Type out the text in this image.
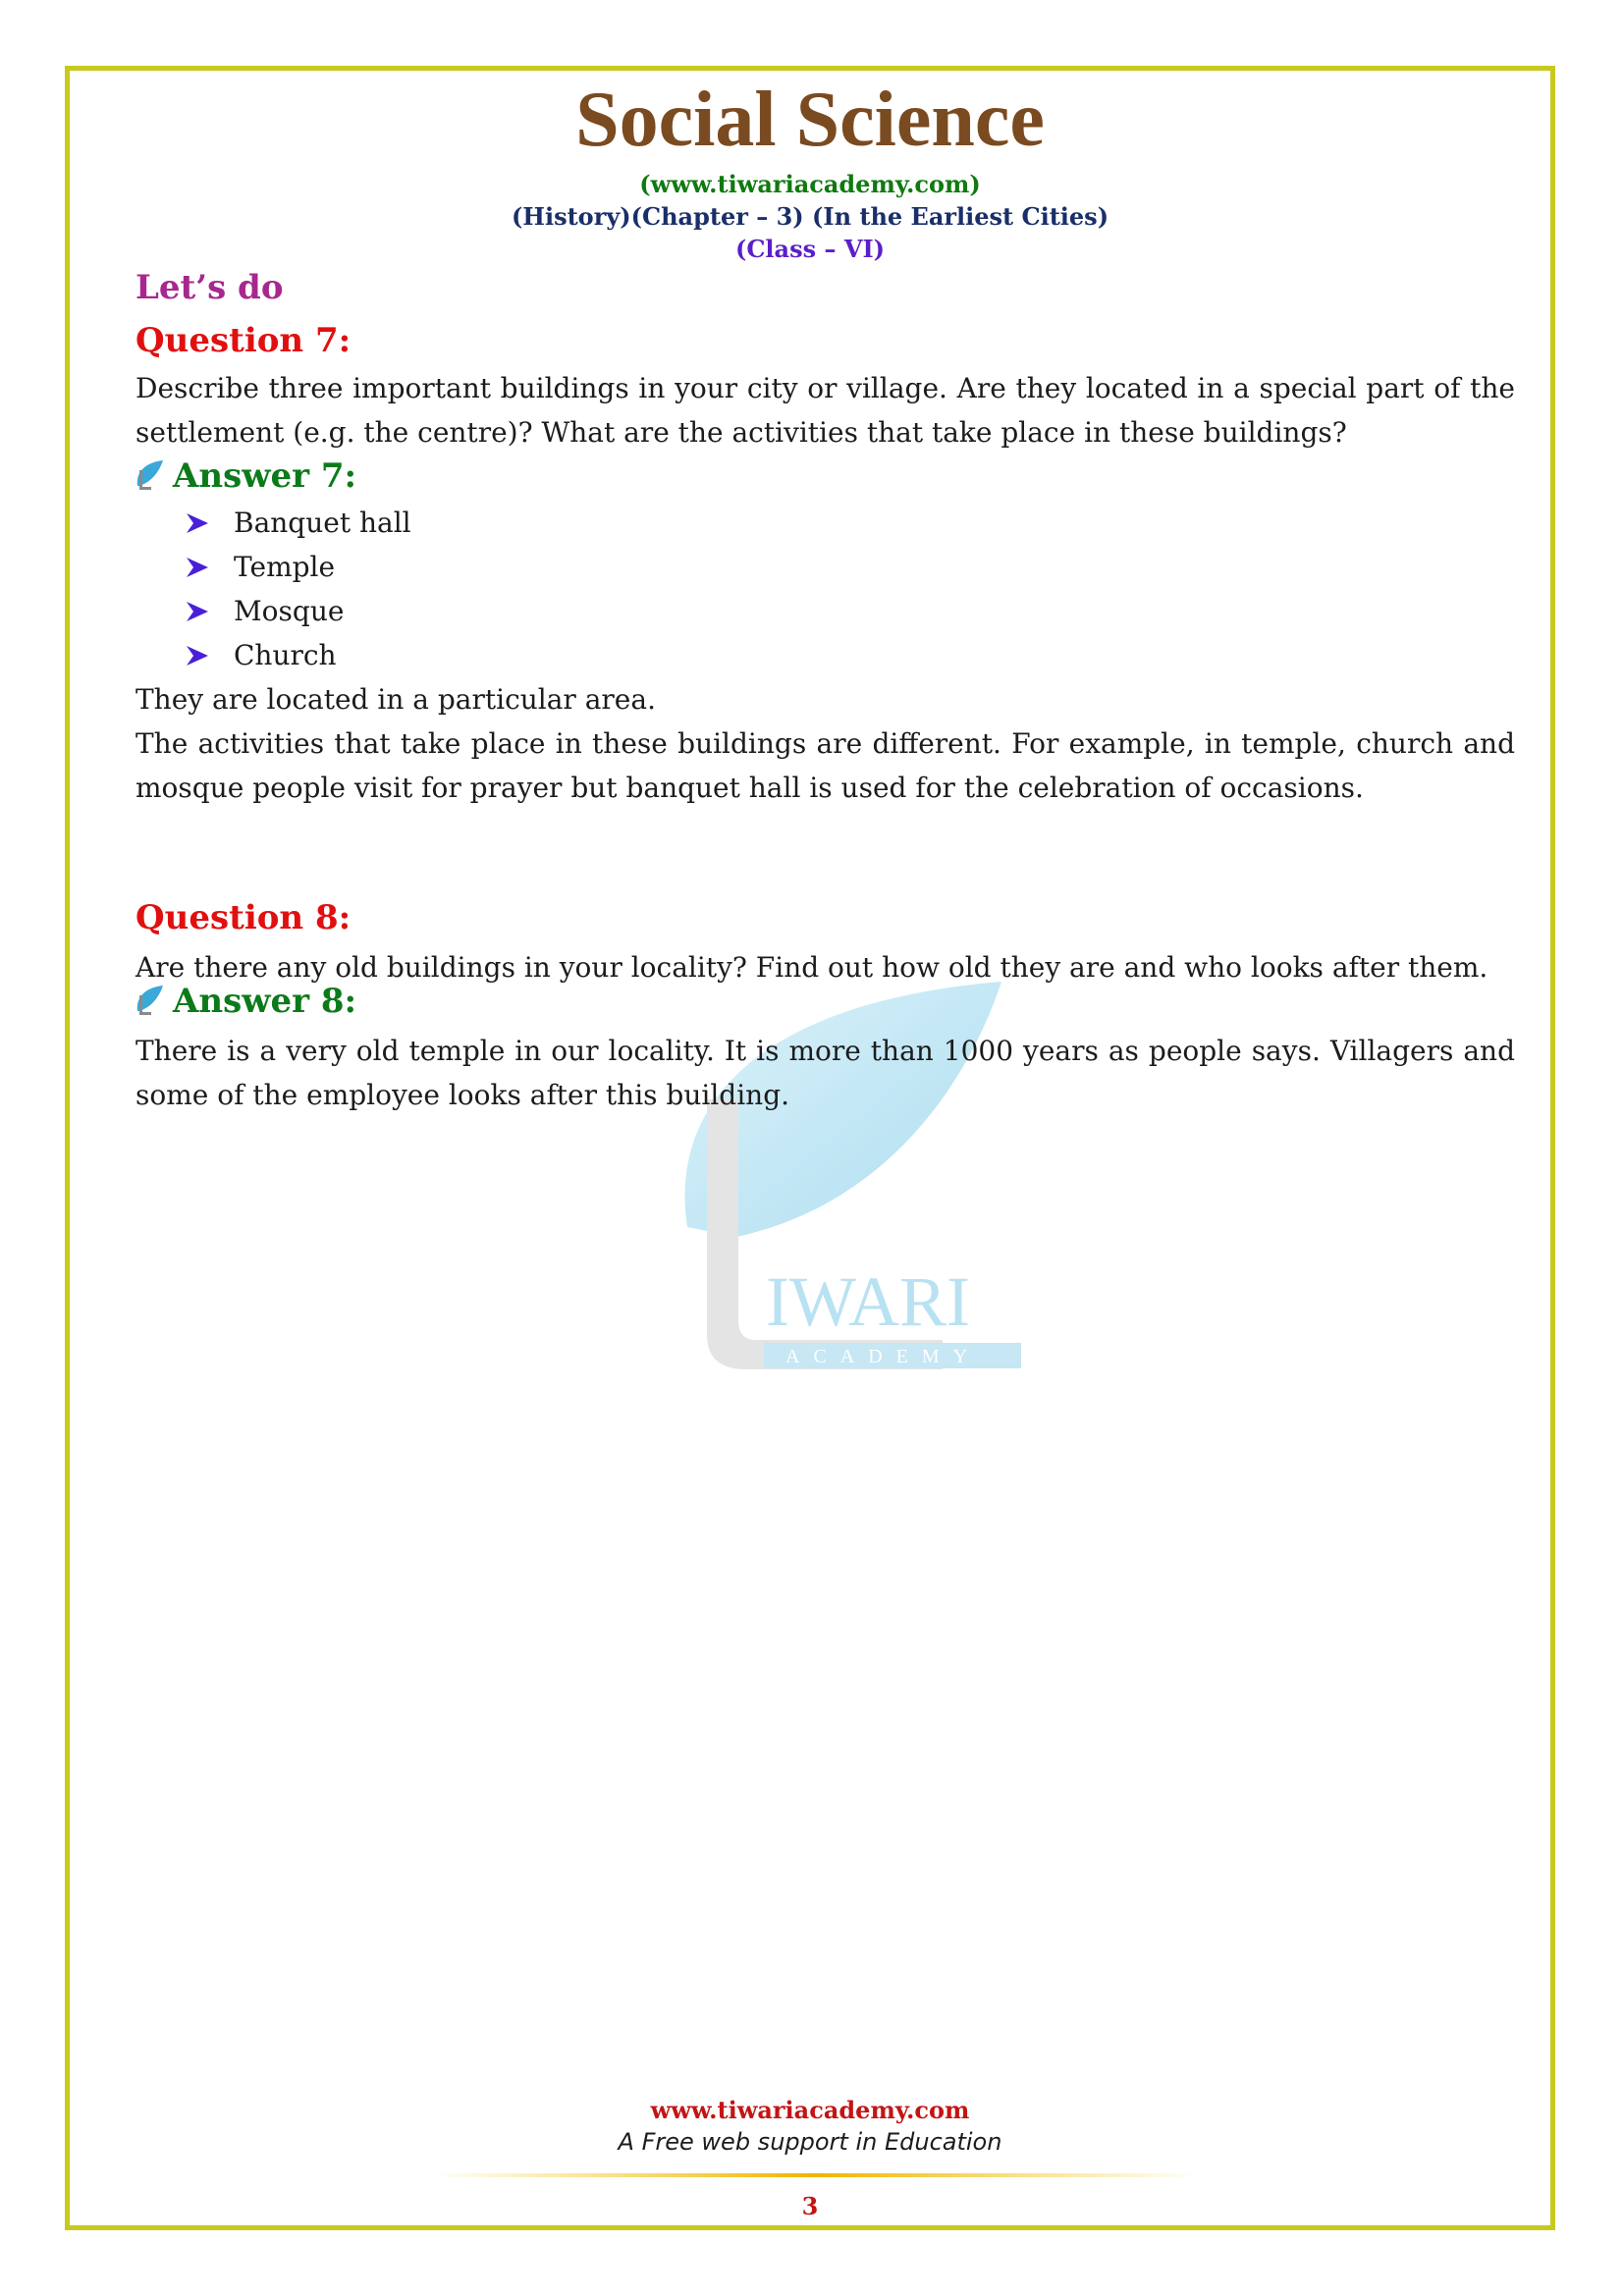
Social Science
(www.tiwariacademy.com)
(History)(Chapter – 3) (In the Earliest Cities)
(Class – VI)
IWARI
ACADEMY
Let’s do
Question 7:
Describe three important buildings in your city or village. Are they located in a special part of the settlement (e.g. the centre)? What are the activities that take place in these buildings?
Answer 7:
Banquet hall
Temple
Mosque
Church
They are located in a particular area.
The activities that take place in these buildings are different. For example, in temple, church and mosque people visit for prayer but banquet hall is used for the celebration of occasions.
Question 8:
Are there any old buildings in your locality? Find out how old they are and who looks after them.
Answer 8:
There is a very old temple in our locality. It is more than 1000 years as people says. Villagers and some of the employee looks after this building.
www.tiwariacademy.com
A Free web support in Education
3
